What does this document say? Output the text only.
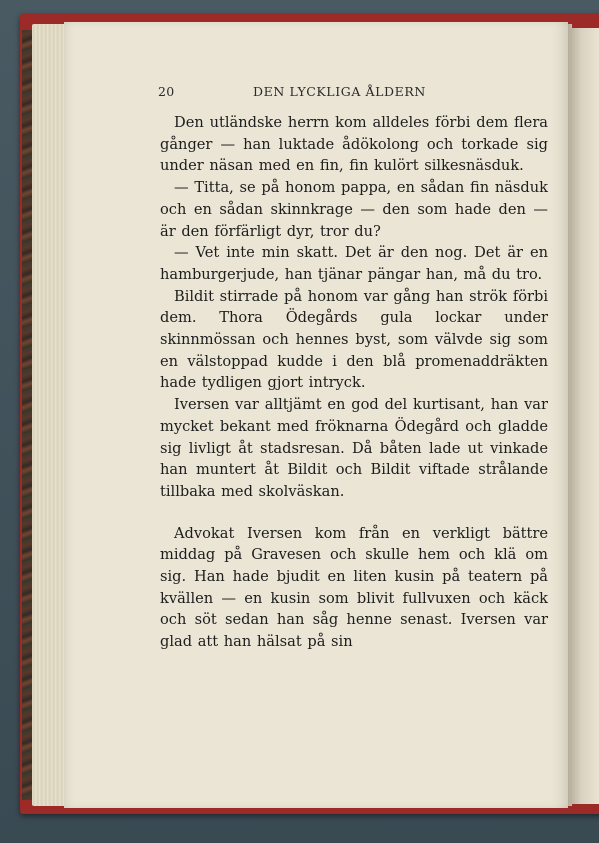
20	DEN LYCKLIGA ÅLDERN

Den utländske herrn kom alldeles förbi dem flera gånger — han luktade ådökolong och torkade sig under näsan med en fin, fin kulört silkesnäsduk.

— Titta, se på honom pappa, en sådan fin näsduk och en sådan skinnkrage — den som hade den — är den förfärligt dyr, tror du?

— Vet inte min skatt. Det är den nog. Det är en hamburgerjude, han tjänar pängar han, må du tro.

Bildit stirrade på honom var gång han strök förbi dem. Thora Ödegårds gula lockar under skinnmössan och hennes byst, som välvde sig som en välstoppad kudde i den blå promenaddräkten hade tydligen gjort intryck.

Iversen var alltjämt en god del kurtisant, han var mycket bekant med fröknarna Ödegård och gladde sig livligt åt stadsresan. Då båten lade ut vinkade han muntert åt Bildit och Bildit viftade strålande tillbaka med skolväskan.

Advokat Iversen kom från en verkligt bättre middag på Gravesen och skulle hem och klä om sig. Han hade bjudit en liten kusin på teatern på kvällen — en kusin som blivit fullvuxen och käck och söt sedan han såg henne senast. Iversen var glad att han hälsat på sin
